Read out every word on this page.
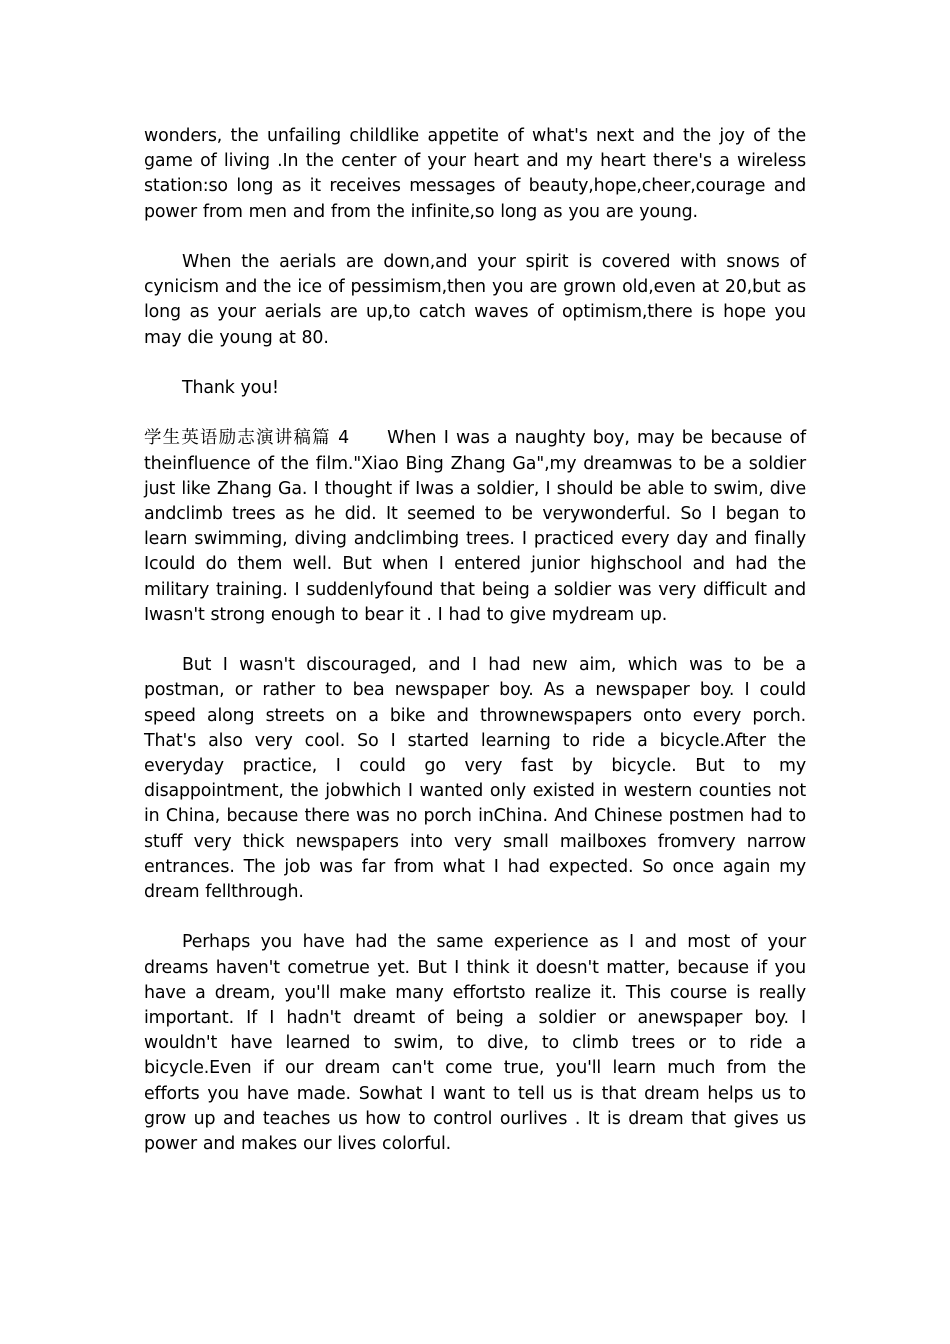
wonders, the unfailing childlike appetite of what's next and the joy of the game of living .In the center of your heart and my heart there's a wireless station:so long as it receives messages of beauty,hope,cheer,courage and power from men and from the infinite,so long as you are young.

When the aerials are down,and your spirit is covered with snows of cynicism and the ice of pessimism,then you are grown old,even at 20,but as long as your aerials are up,to catch waves of optimism,there is hope you may die young at 80.

Thank you!

学生英语励志演讲稿篇 4 When I was a naughty boy, may be because of theinfluence of the film."Xiao Bing Zhang Ga",my dreamwas to be a soldier just like Zhang Ga. I thought if Iwas a soldier, I should be able to swim, dive andclimb trees as he did. It seemed to be verywonderful. So I began to learn swimming, diving andclimbing trees. I practiced every day and finally Icould do them well. But when I entered junior highschool and had the military training. I suddenlyfound that being a soldier was very difficult and Iwasn't strong enough to bear it . I had to give mydream up.

But I wasn't discouraged, and I had new aim, which was to be a postman, or rather to bea newspaper boy. As a newspaper boy. I could speed along streets on a bike and thrownewspapers onto every porch. That's also very cool. So I started learning to ride a bicycle.After the everyday practice, I could go very fast by bicycle. But to my disappointment, the jobwhich I wanted only existed in western counties not in China, because there was no porch inChina. And Chinese postmen had to stuff very thick newspapers into very small mailboxes fromvery narrow entrances. The job was far from what I had expected. So once again my dream fellthrough.

Perhaps you have had the same experience as I and most of your dreams haven't cometrue yet. But I think it doesn't matter, because if you have a dream, you'll make many effortsto realize it. This course is really important. If I hadn't dreamt of being a soldier or anewspaper boy. I wouldn't have learned to swim, to dive, to climb trees or to ride a bicycle.Even if our dream can't come true, you'll learn much from the efforts you have made. Sowhat I want to tell us is that dream helps us to grow up and teaches us how to control ourlives . It is dream that gives us power and makes our lives colorful.
